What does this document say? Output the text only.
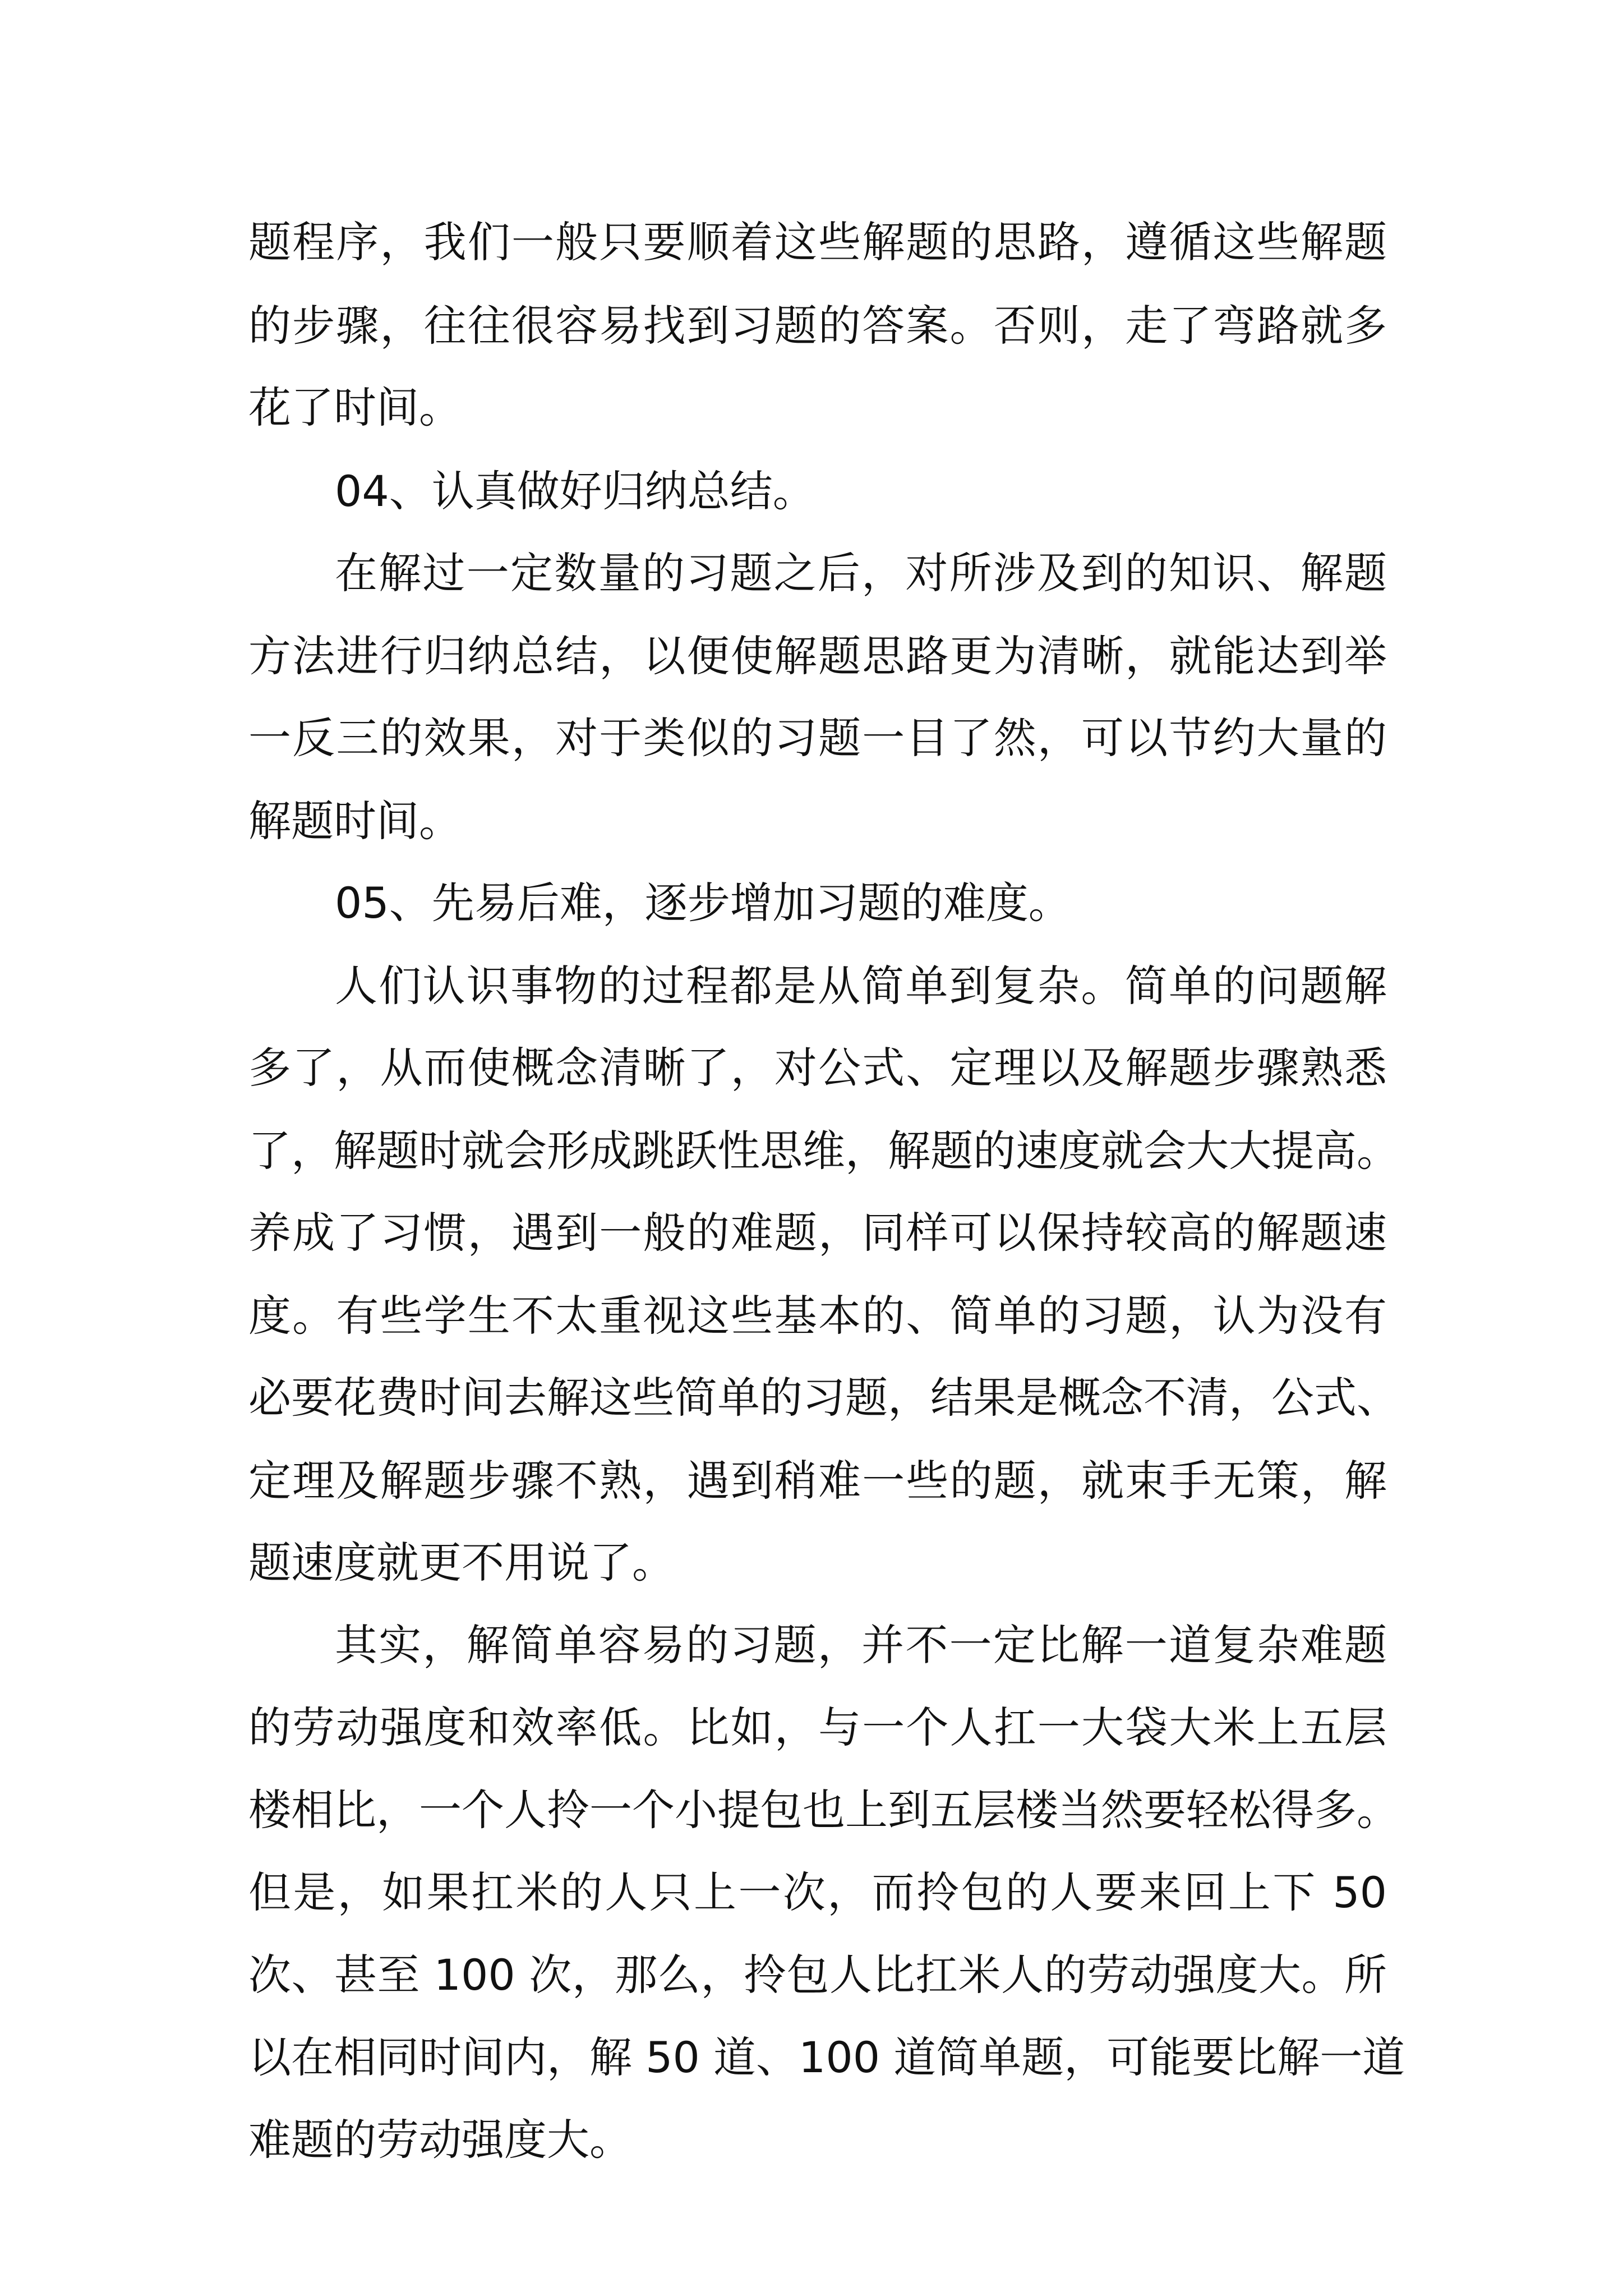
题程序，我们一般只要顺着这些解题的思路，遵循这些解题
的步骤，往往很容易找到习题的答案。否则，走了弯路就多
花了时间。
04、认真做好归纳总结。
在解过一定数量的习题之后，对所涉及到的知识、解题
方法进行归纳总结，以便使解题思路更为清晰，就能达到举
一反三的效果，对于类似的习题一目了然，可以节约大量的
解题时间。
05、先易后难，逐步增加习题的难度。
人们认识事物的过程都是从简单到复杂。简单的问题解
多了，从而使概念清晰了，对公式、定理以及解题步骤熟悉
了，解题时就会形成跳跃性思维，解题的速度就会大大提高。
养成了习惯，遇到一般的难题，同样可以保持较高的解题速
度。有些学生不太重视这些基本的、简单的习题，认为没有
必要花费时间去解这些简单的习题，结果是概念不清，公式、
定理及解题步骤不熟，遇到稍难一些的题，就束手无策，解
题速度就更不用说了。
其实，解简单容易的习题，并不一定比解一道复杂难题
的劳动强度和效率低。比如，与一个人扛一大袋大米上五层
楼相比，一个人拎一个小提包也上到五层楼当然要轻松得多。
但是，如果扛米的人只上一次，而拎包的人要来回上下 50
次、甚至 100 次，那么，拎包人比扛米人的劳动强度大。所
以在相同时间内，解 50 道、100 道简单题，可能要比解一道
难题的劳动强度大。
